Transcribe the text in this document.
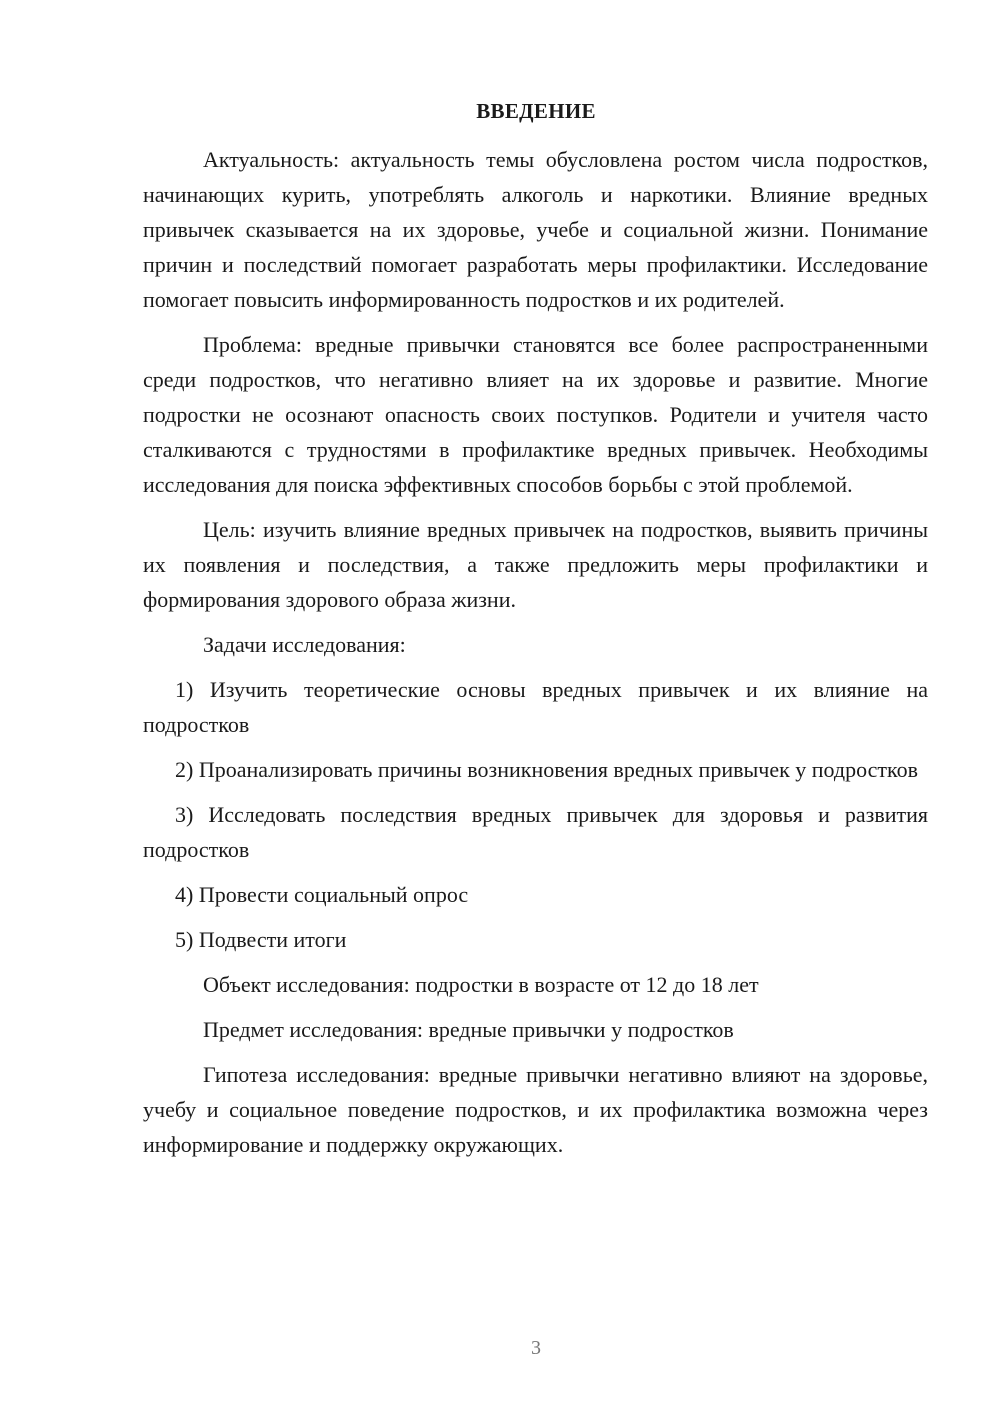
ВВЕДЕНИЕ

Актуальность: актуальность темы обусловлена ростом числа подростков, начинающих курить, употреблять алкоголь и наркотики. Влияние вредных привычек сказывается на их здоровье, учебе и социальной жизни. Понимание причин и последствий помогает разработать меры профилактики. Исследование помогает повысить информированность подростков и их родителей.

Проблема: вредные привычки становятся все более распространенными среди подростков, что негативно влияет на их здоровье и развитие. Многие подростки не осознают опасность своих поступков. Родители и учителя часто сталкиваются с трудностями в профилактике вредных привычек. Необходимы исследования для поиска эффективных способов борьбы с этой проблемой.

Цель: изучить влияние вредных привычек на подростков, выявить причины их появления и последствия, а также предложить меры профилактики и формирования здорового образа жизни.

Задачи исследования:

1) Изучить теоретические основы вредных привычек и их влияние на подростков

2) Проанализировать причины возникновения вредных привычек у подростков

3) Исследовать последствия вредных привычек для здоровья и развития подростков

4) Провести социальный опрос

5) Подвести итоги

Объект исследования: подростки в возрасте от 12 до 18 лет

Предмет исследования: вредные привычки у подростков

Гипотеза исследования: вредные привычки негативно влияют на здоровье, учебу и социальное поведение подростков, и их профилактика возможна через информирование и поддержку окружающих.

3
